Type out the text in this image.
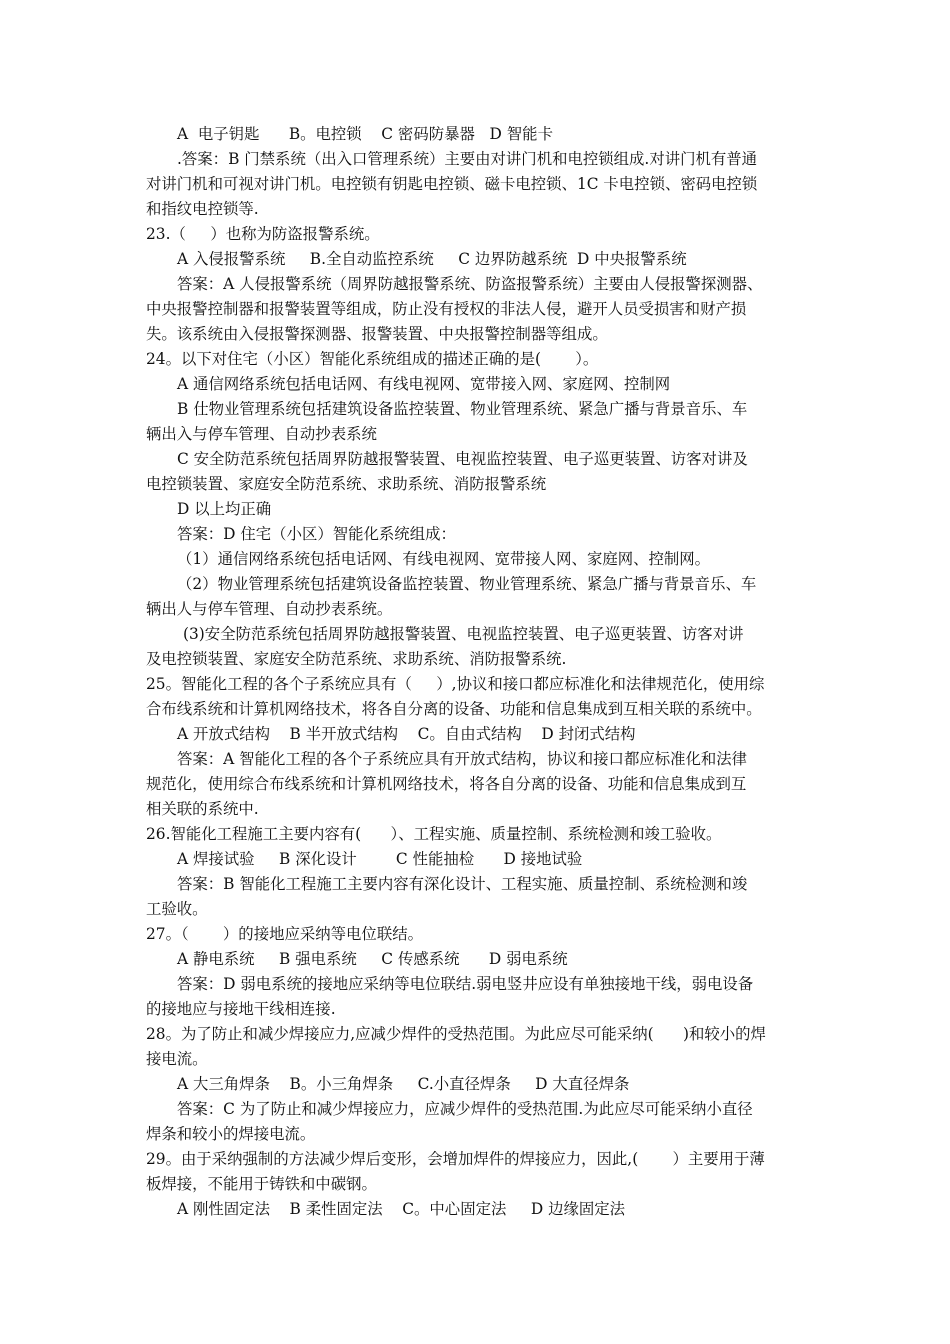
A  电子钥匙      B。电控锁    C 密码防暴器   D 智能卡
.答案：B 门禁系统（出入口管理系统）主要由对讲门机和电控锁组成.对讲门机有普通
对讲门机和可视对讲门机。电控锁有钥匙电控锁、磁卡电控锁、1C 卡电控锁、密码电控锁
和指纹电控锁等.
23.（     ）也称为防盗报警系统。
A 入侵报警系统     B.全自动监控系统     C 边界防越系统  D 中央报警系统
答案：A 人侵报警系统（周界防越报警系统、防盗报警系统）主要由人侵报警探测器、
中央报警控制器和报警装置等组成，防止没有授权的非法人侵，避开人员受损害和财产损
失。该系统由入侵报警探测器、报警装置、中央报警控制器等组成。
24。以下对住宅（小区）智能化系统组成的描述正确的是(       ）。
A 通信网络系统包括电话网、有线电视网、宽带接入网、家庭网、控制网
B 仕物业管理系统包括建筑设备监控装置、物业管理系统、紧急广播与背景音乐、车
辆出入与停车管理、自动抄表系统
C 安全防范系统包括周界防越报警装置、电视监控装置、电子巡更装置、访客对讲及
电控锁装置、家庭安全防范系统、求助系统、消防报警系统
D 以上均正确
答案：D 住宅（小区）智能化系统组成：
（1）通信网络系统包括电话网、有线电视网、宽带接人网、家庭网、控制网。
（2）物业管理系统包括建筑设备监控装置、物业管理系统、紧急广播与背景音乐、车
辆出人与停车管理、自动抄表系统。
(3)安全防范系统包括周界防越报警装置、电视监控装置、电子巡更装置、访客对讲
及电控锁装置、家庭安全防范系统、求助系统、消防报警系统.
25。智能化工程的各个子系统应具有（     ）,协议和接口都应标准化和法律规范化，使用综
合布线系统和计算机网络技术，将各自分离的设备、功能和信息集成到互相关联的系统中。
A 开放式结构    B 半开放式结构    C。自由式结构    D 封闭式结构
答案：A 智能化工程的各个子系统应具有开放式结构，协议和接口都应标准化和法律
规范化，使用综合布线系统和计算机网络技术，将各自分离的设备、功能和信息集成到互
相关联的系统中.
26.智能化工程施工主要内容有(      ）、工程实施、质量控制、系统检测和竣工验收。
A 焊接试验     B 深化设计        C 性能抽检      D 接地试验
答案：B 智能化工程施工主要内容有深化设计、工程实施、质量控制、系统检测和竣
工验收。
27。（       ）的接地应采纳等电位联结。
A 静电系统     B 强电系统     C 传感系统      D 弱电系统
答案：D 弱电系统的接地应采纳等电位联结.弱电竖井应设有单独接地干线，弱电设备
的接地应与接地干线相连接.
28。为了防止和减少焊接应力,应减少焊件的受热范围。为此应尽可能采纳(      )和较小的焊
接电流。
A 大三角焊条    B。小三角焊条     C.小直径焊条     D 大直径焊条
答案：C 为了防止和减少焊接应力，应减少焊件的受热范围.为此应尽可能采纳小直径
焊条和较小的焊接电流。
29。由于采纳强制的方法减少焊后变形，会增加焊件的焊接应力，因此,(       ）主要用于薄
板焊接，不能用于铸铁和中碳钢。
A 刚性固定法    B 柔性固定法    C。中心固定法     D 边缘固定法
